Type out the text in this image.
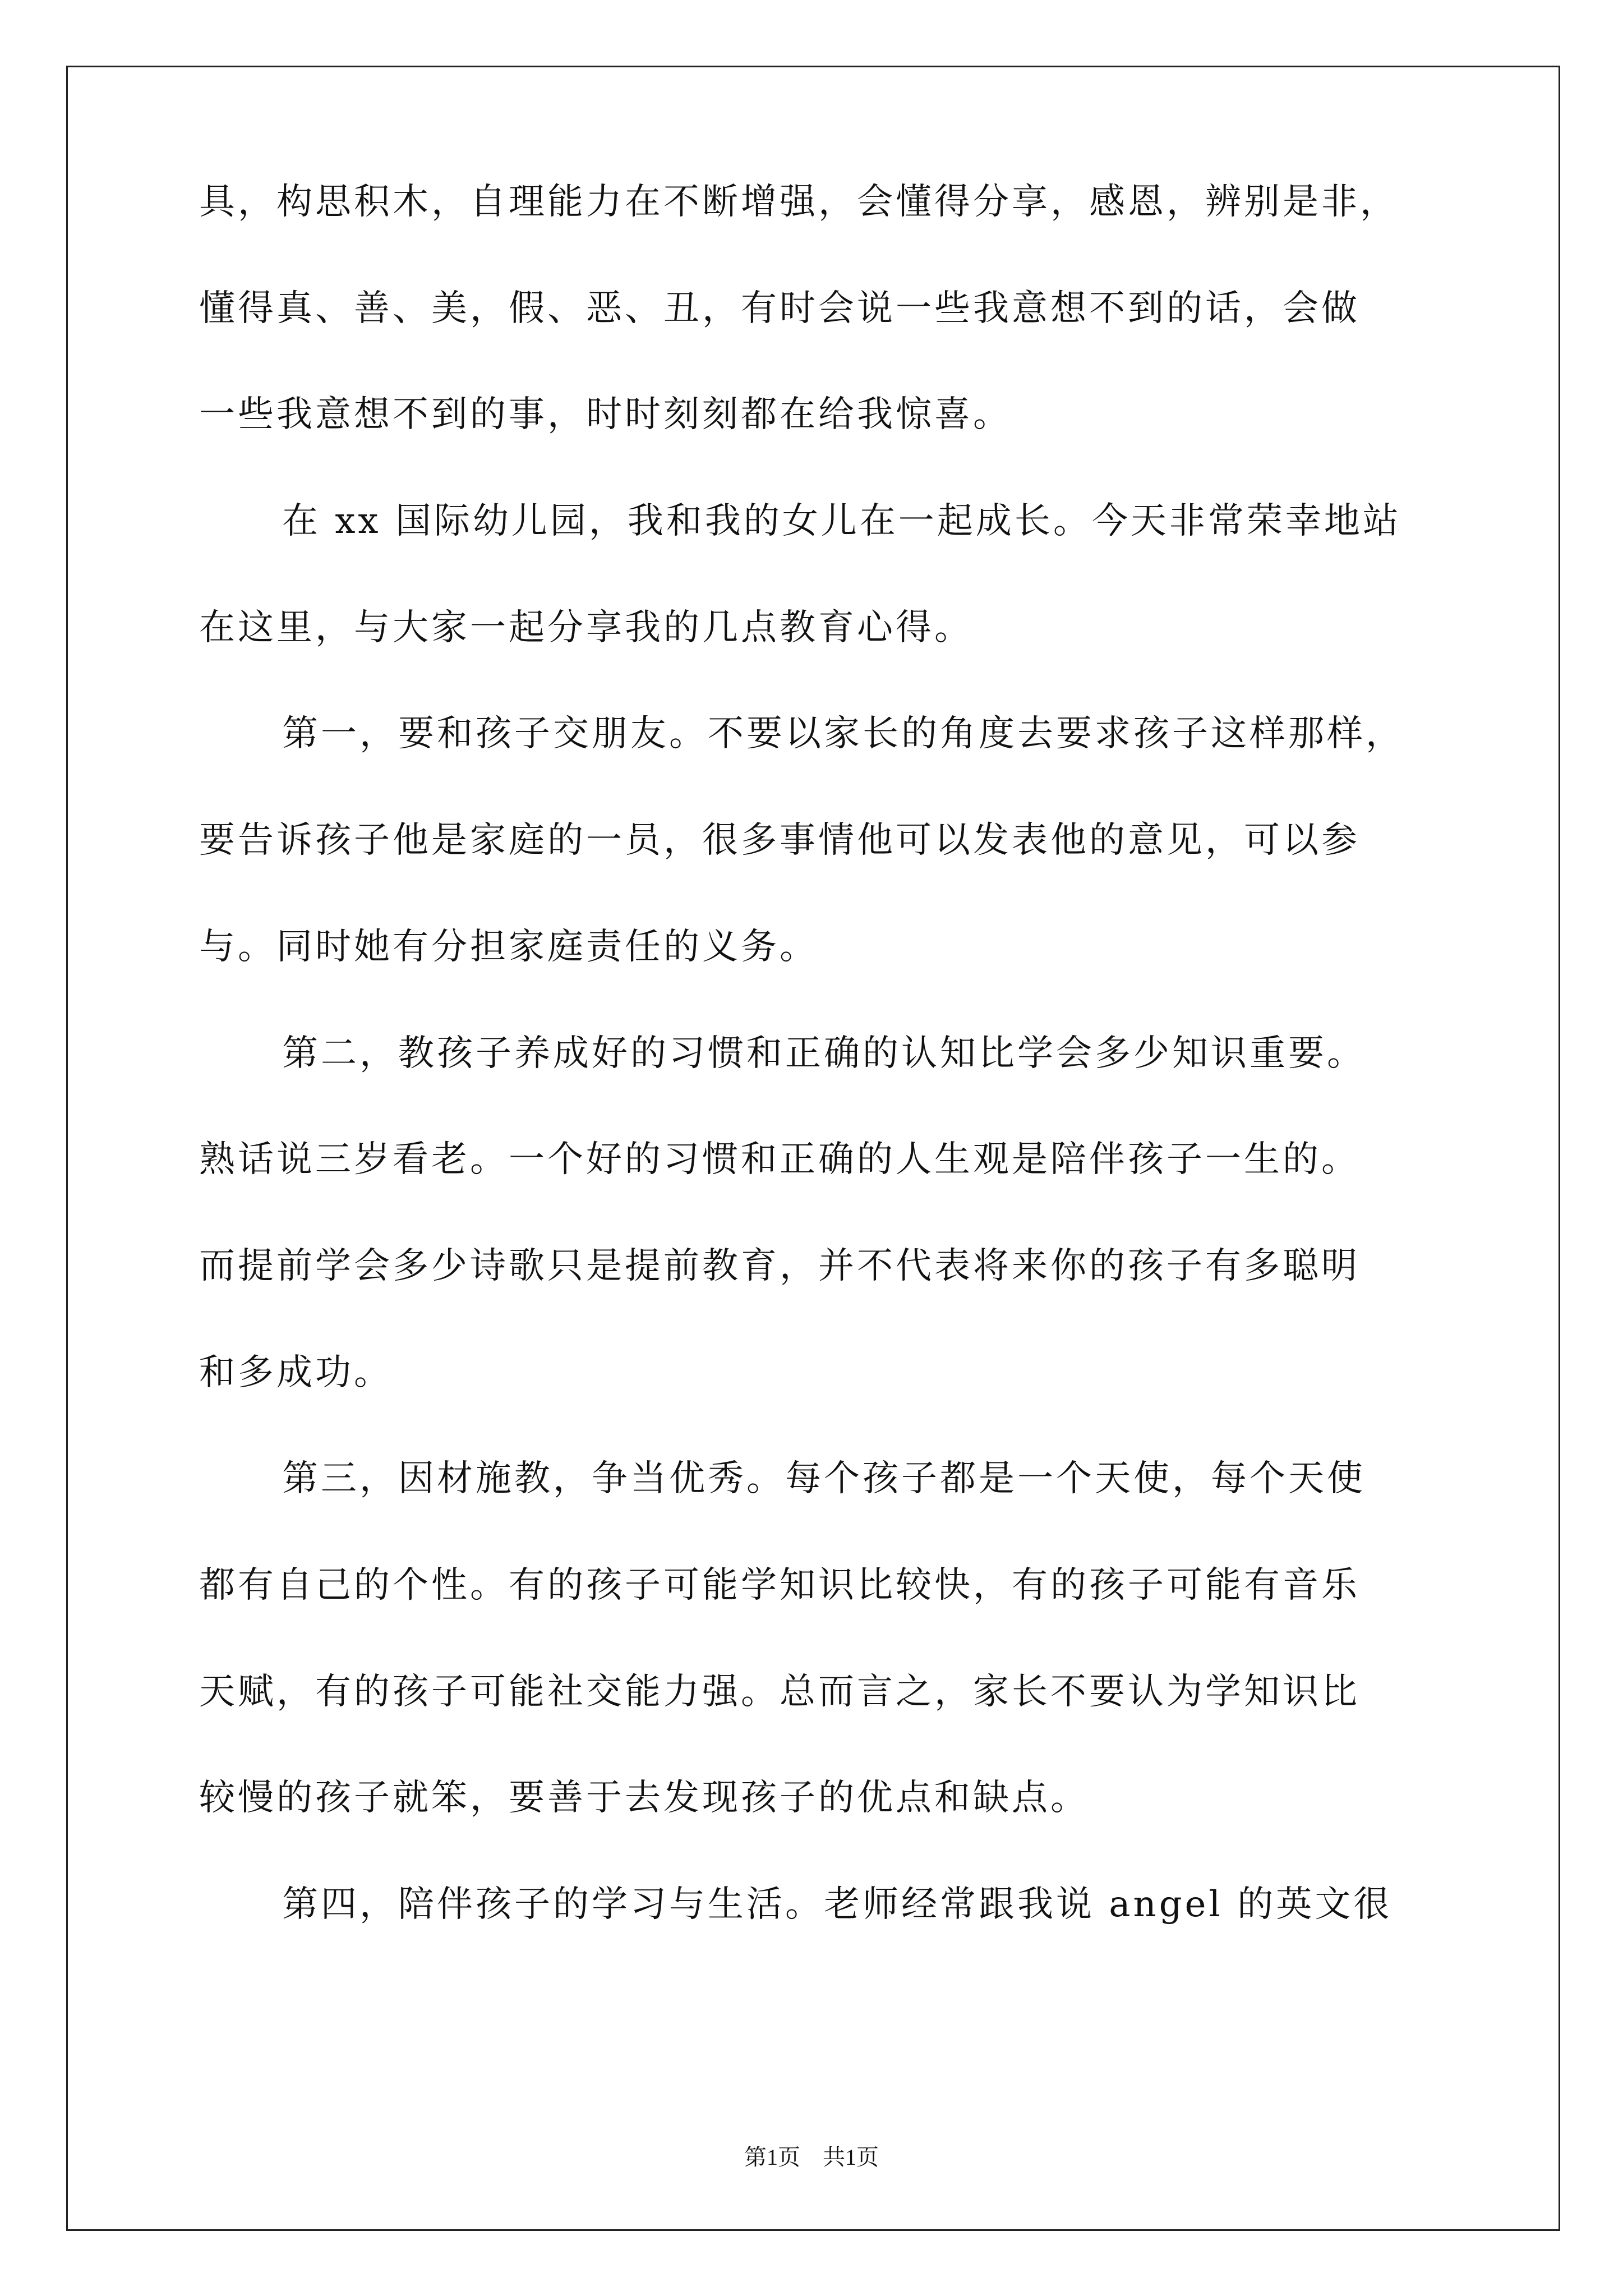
具，构思积木，自理能力在不断增强，会懂得分享，感恩，辨别是非，
懂得真、善、美，假、恶、丑，有时会说一些我意想不到的话，会做
一些我意想不到的事，时时刻刻都在给我惊喜。
在 xx 国际幼儿园，我和我的女儿在一起成长。今天非常荣幸地站
在这里，与大家一起分享我的几点教育心得。
第一，要和孩子交朋友。不要以家长的角度去要求孩子这样那样，
要告诉孩子他是家庭的一员，很多事情他可以发表他的意见，可以参
与。同时她有分担家庭责任的义务。
第二，教孩子养成好的习惯和正确的认知比学会多少知识重要。
熟话说三岁看老。一个好的习惯和正确的人生观是陪伴孩子一生的。
而提前学会多少诗歌只是提前教育，并不代表将来你的孩子有多聪明
和多成功。
第三，因材施教，争当优秀。每个孩子都是一个天使，每个天使
都有自己的个性。有的孩子可能学知识比较快，有的孩子可能有音乐
天赋，有的孩子可能社交能力强。总而言之，家长不要认为学知识比
较慢的孩子就笨，要善于去发现孩子的优点和缺点。
第四，陪伴孩子的学习与生活。老师经常跟我说 angel 的英文很
第1页　共1页
